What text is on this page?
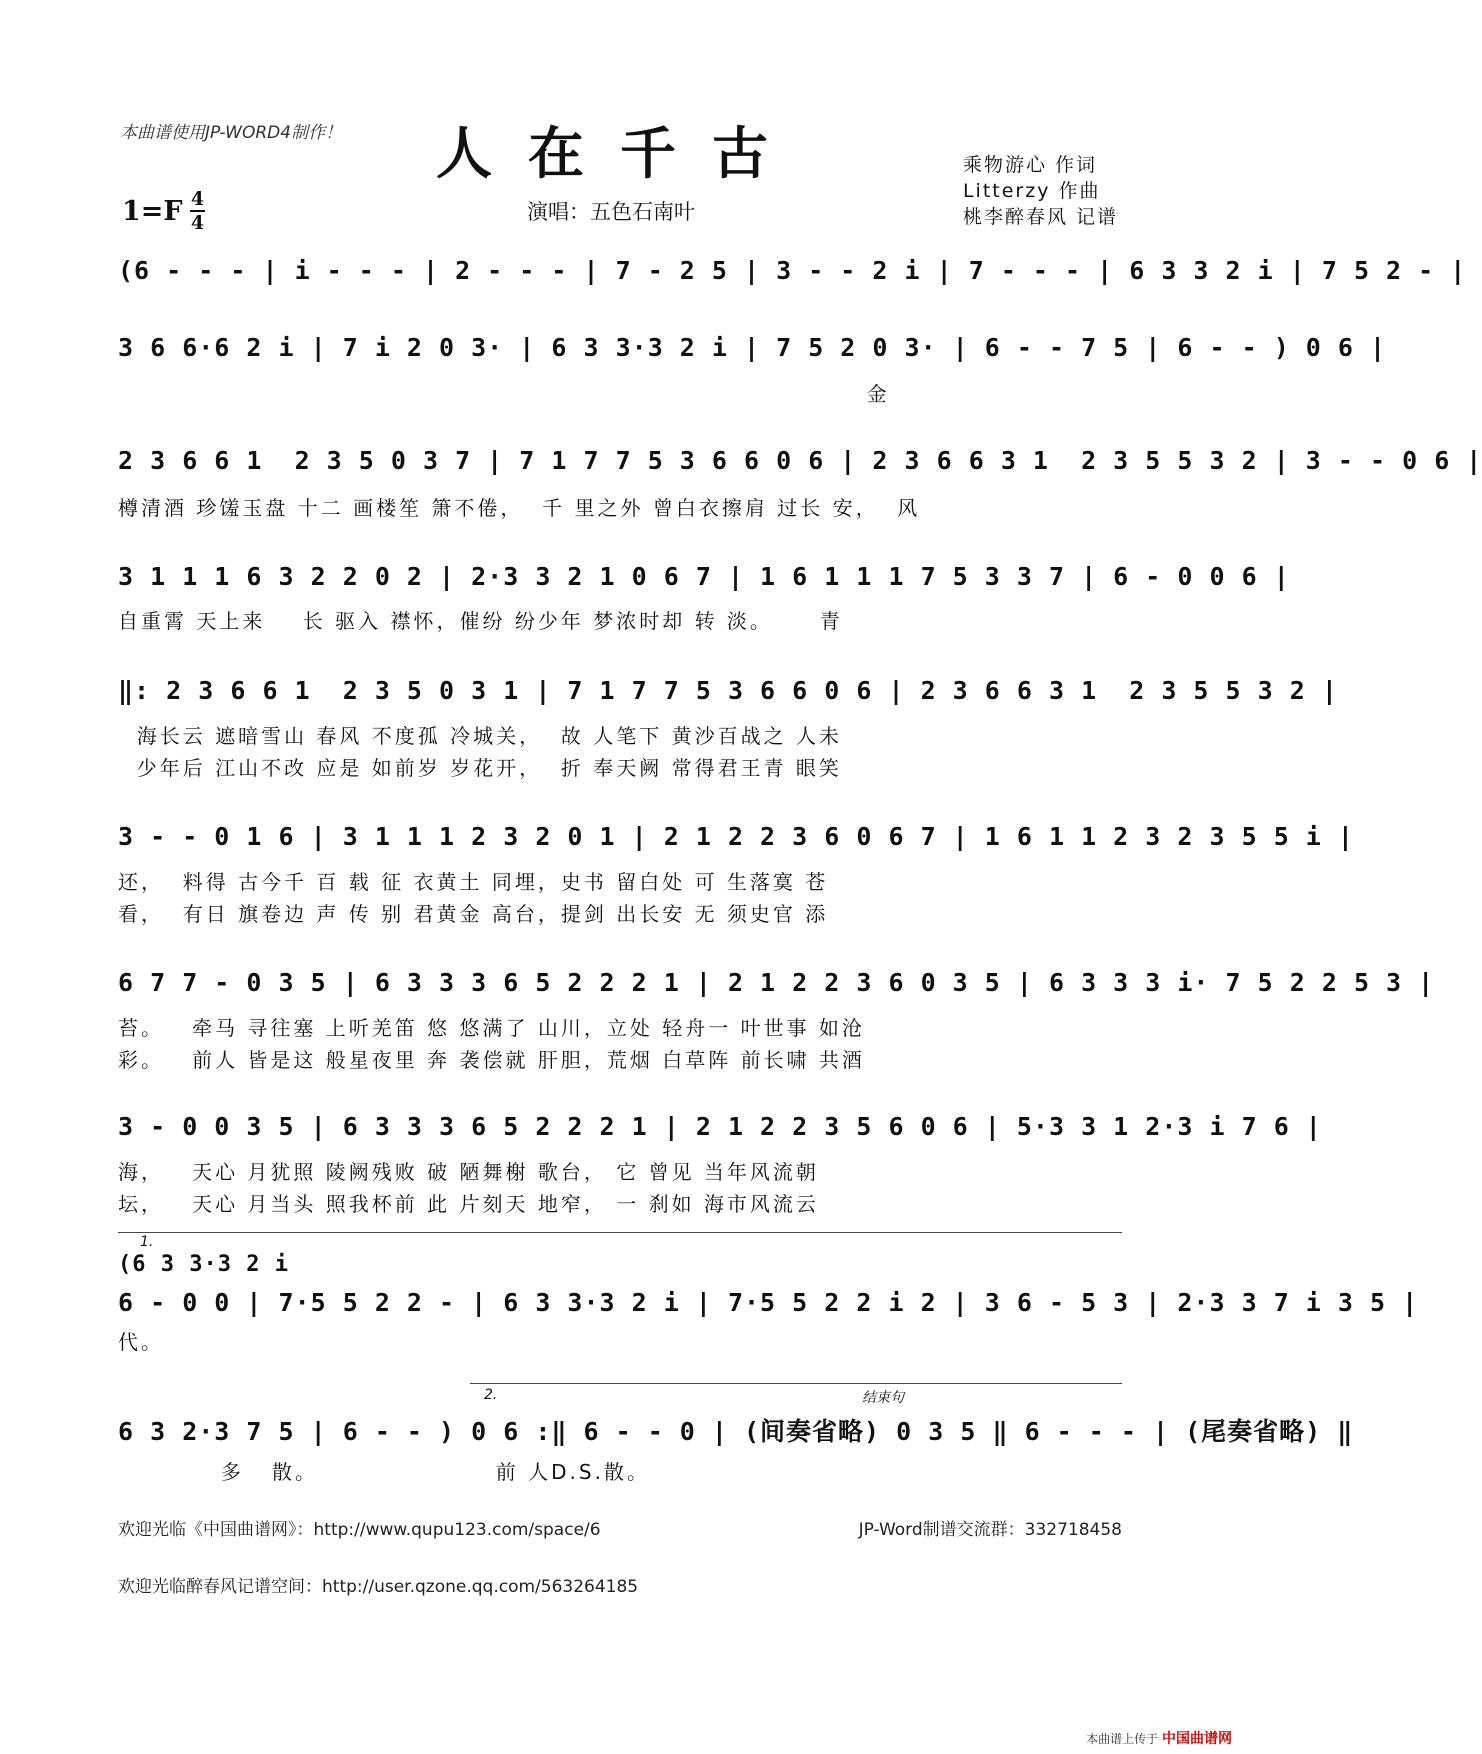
本曲谱使用JP-WORD4制作！	人在千古
1=F 4
4	演唱：五色石南叶
乘物游心 作词
Litterzy 作曲
桃李醉春风 记谱
(6 - - - | i - - - | 2 - - - | 7 - 2 5 | 3 - - 2 i | 7 - - - | 6 3 3 2 i | 7 5 2 - |
3 6 6·6 2 i | 7 i 2 0 3· | 6 3 3·3 2 i | 7 5 2 0 3· | 6 - - 7 5 | 6 - - ) 0 6 |
金
2 3 6 6 1  2 3 5 0 3 7 | 7 1 7 7 5 3 6 6 0 6 | 2 3 6 6 3 1  2 3 5 5 3 2 | 3 - - 0 6 |
樽清酒 珍馐玉盘 十二 画楼笙 箫不倦，  千 里之外 曾白衣擦肩 过长 安，  风
3 1 1 1 6 3 2 2 0 2 | 2·3 3 2 1 0 6 7 | 1 6 1 1 1 7 5 3 3 7 | 6 - 0 0 6 |
自重霄 天上来    长 驱入 襟怀，催纷 纷少年 梦浓时却 转 淡。     青
‖: 2 3 6 6 1  2 3 5 0 3 1 | 7 1 7 7 5 3 6 6 0 6 | 2 3 6 6 3 1  2 3 5 5 3 2 |
海长云 遮暗雪山 春风 不度孤 冷城关，  故 人笔下 黄沙百战之 人未
少年后 江山不改 应是 如前岁 岁花开，  折 奉天阙 常得君王青 眼笑
3 - - 0 1 6 | 3 1 1 1 2 3 2 0 1 | 2 1 2 2 3 6 0 6 7 | 1 6 1 1 2 3 2 3 5 5 i |
还，  料得 古今千 百 载 征 衣黄土 同埋，史书 留白处 可 生落寞 苍
看，  有日 旗卷边 声 传 别 君黄金 高台，提剑 出长安 无 须史官 添
6 7 7 - 0 3 5 | 6 3 3 3 6 5 2 2 2 1 | 2 1 2 2 3 6 0 3 5 | 6 3 3 3 i· 7 5 2 2 5 3 |
苔。   牵马 寻往塞 上听羌笛 悠 悠满了 山川，立处 轻舟一 叶世事 如沧
彩。   前人 皆是这 般星夜里 奔 袭偿就 肝胆，荒烟 白草阵 前长啸 共酒
3 - 0 0 3 5 | 6 3 3 3 6 5 2 2 2 1 | 2 1 2 2 3 5 6 0 6 | 5·3 3 1 2·3 i 7 6 |
海，   天心 月犹照 陵阙残败 破 陋舞榭 歌台， 它 曾见 当年风流朝
坛，   天心 月当头 照我杯前 此 片刻天 地窄， 一 刹如 海市风流云
1.
(6 3 3·3 2 i
6 - 0 0 | 7·5 5 2 2 - | 6 3 3·3 2 i | 7·5 5 2 2 i 2 | 3 6 - 5 3 | 2·3 3 7 i 3 5 |
代。
2.	结束句
6 3 2·3 7 5 | 6 - - ) 0 6 :‖ 6 - - 0 | (间奏省略) 0 3 5 ‖ 6 - - - | (尾奏省略) ‖
多   散。                   前 人D.S.散。
欢迎光临《中国曲谱网》：http://www.qupu123.com/space/6	JP-Word制谱交流群：332718458
欢迎光临醉春风记谱空间：http://user.qzone.qq.com/563264185
本曲谱上传于 中国曲谱网
